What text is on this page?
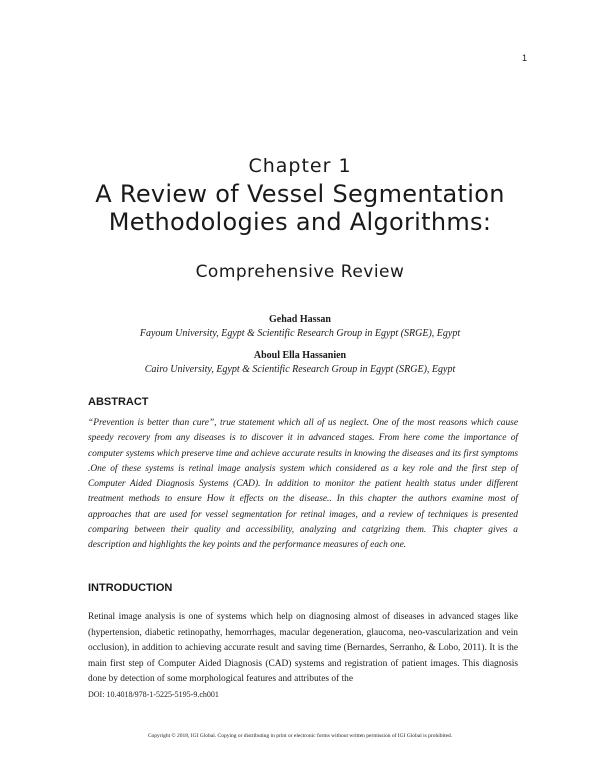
1
Chapter 1
A Review of Vessel Segmentation Methodologies and Algorithms:
Comprehensive Review
Gehad Hassan
Fayoum University, Egypt & Scientific Research Group in Egypt (SRGE), Egypt
Aboul Ella Hassanien
Cairo University, Egypt & Scientific Research Group in Egypt (SRGE), Egypt
ABSTRACT
“Prevention is better than cure”, true statement which all of us neglect. One of the most reasons which cause speedy recovery from any diseases is to discover it in advanced stages. From here come the importance of computer systems which preserve time and achieve accurate results in knowing the diseases and its first symptoms .One of these systems is retinal image analysis system which considered as a key role and the first step of Computer Aided Diagnosis Systems (CAD). In addition to monitor the patient health status under different treatment methods to ensure How it effects on the disease.. In this chapter the authors examine most of approaches that are used for vessel segmentation for retinal images, and a review of techniques is presented comparing between their quality and accessibility, analyzing and catgrizing them. This chapter gives a description and highlights the key points and the performance measures of each one.
INTRODUCTION
Retinal image analysis is one of systems which help on diagnosing almost of diseases in advanced stages like (hypertension, diabetic retinopathy, hemorrhages, macular degeneration, glaucoma, neo-vascularization and vein occlusion), in addition to achieving accurate result and saving time (Bernardes, Serranho, & Lobo, 2011). It is the main first step of Computer Aided Diagnosis (CAD) systems and registration of patient images. This diagnosis done by detection of some morphological features and attributes of the
DOI: 10.4018/978-1-5225-5195-9.ch001
Copyright © 2018, IGI Global. Copying or distributing in print or electronic forms without written permission of IGI Global is prohibited.
